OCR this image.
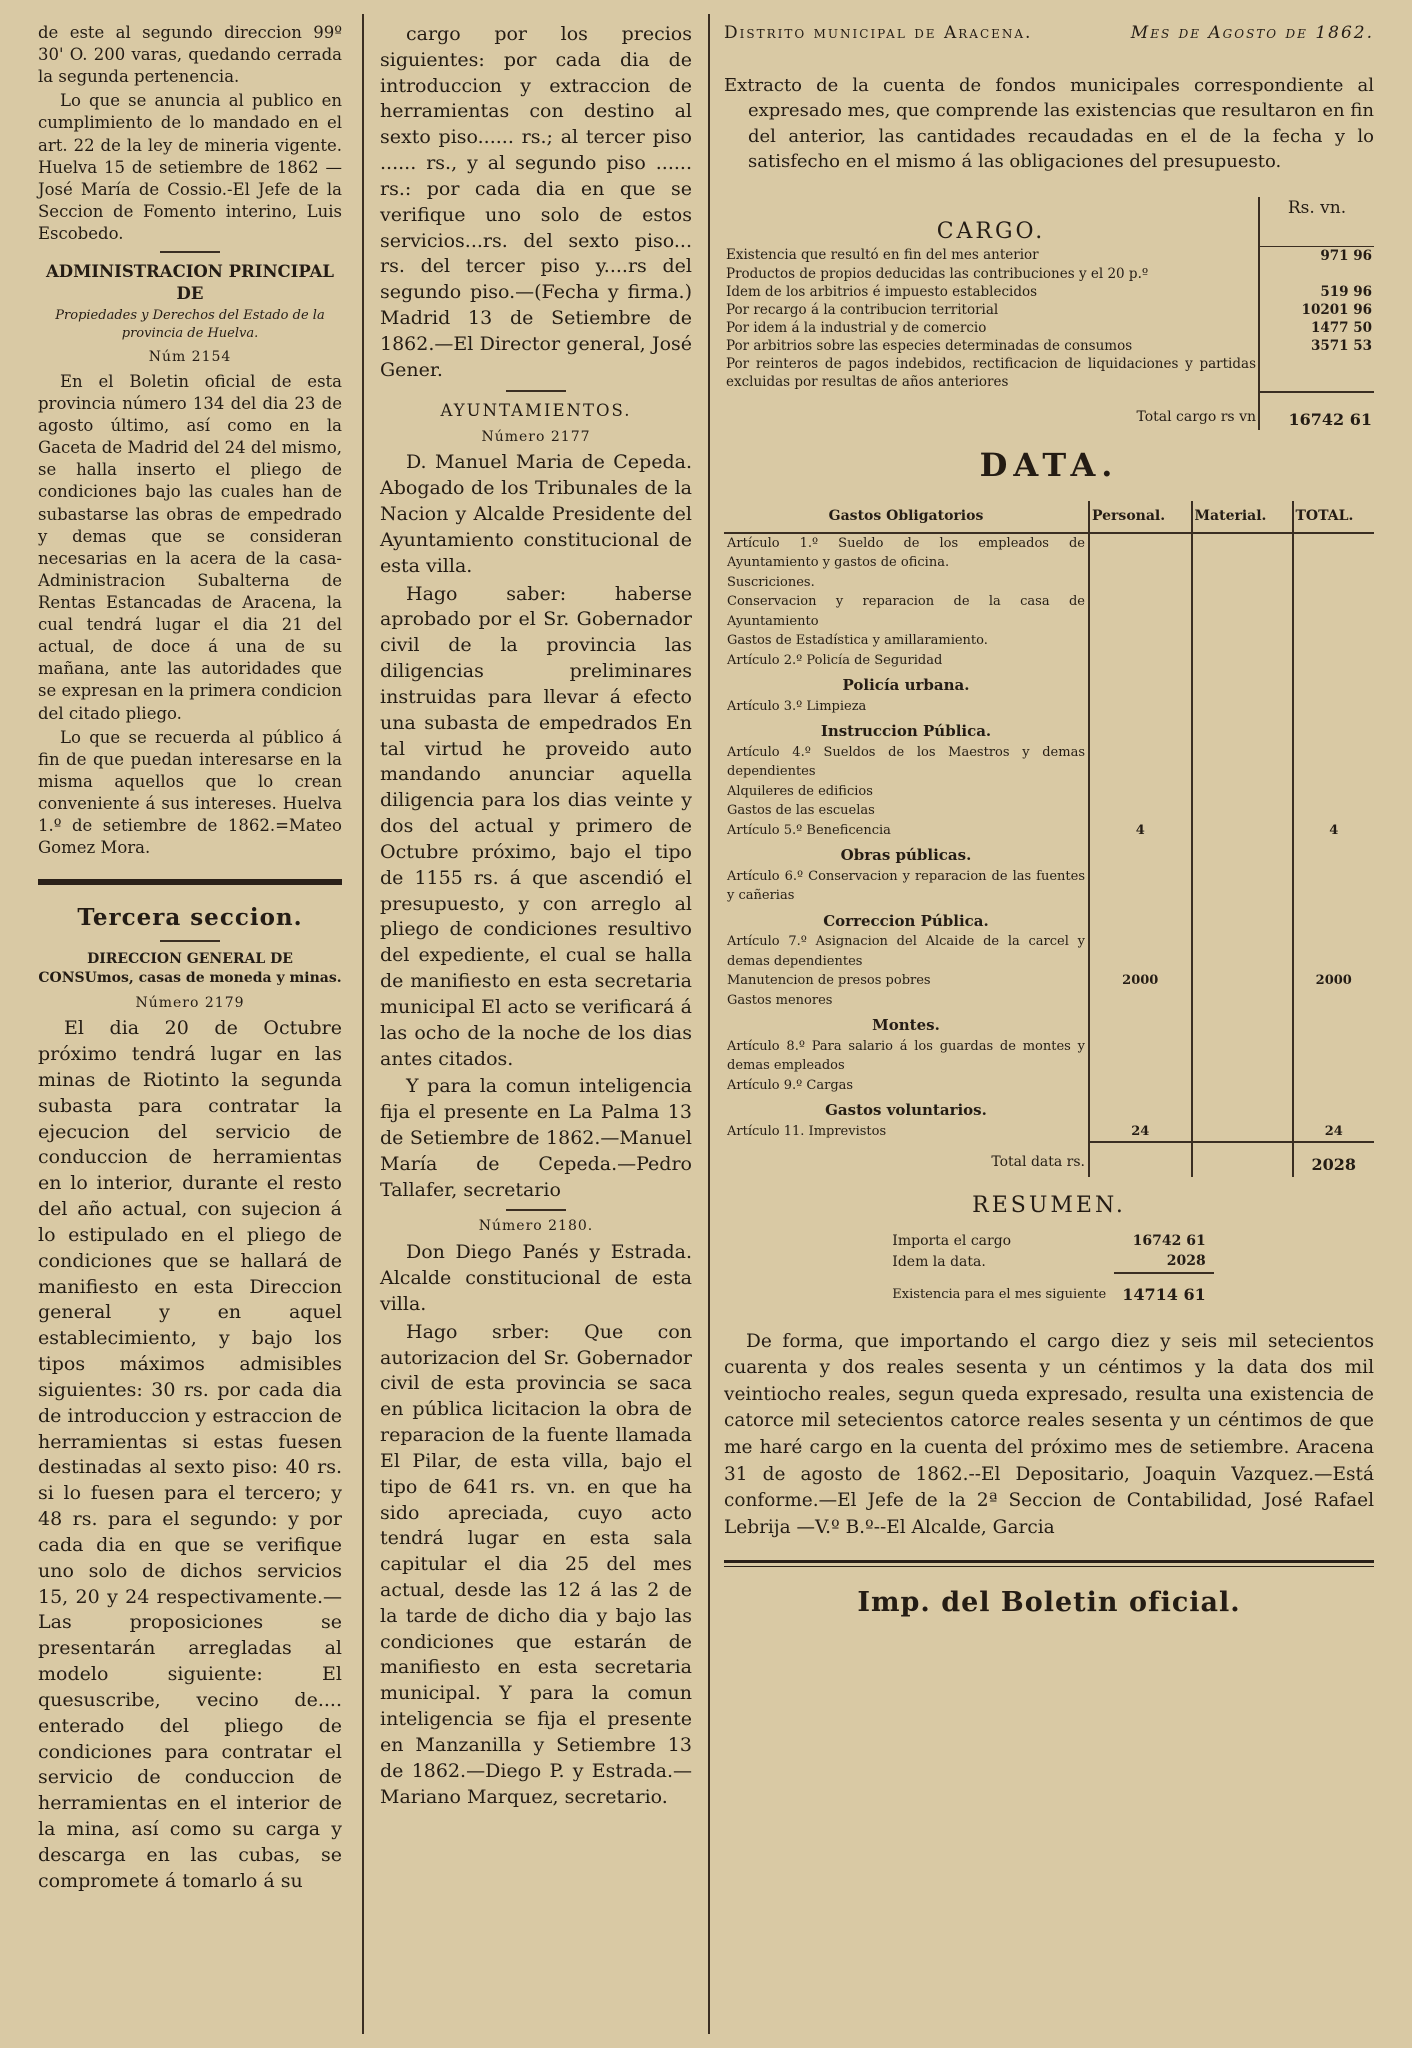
de este al segundo direccion 99º 30' O. 200 varas, quedando cerrada la segunda pertenencia.

Lo que se anuncia al publico en cumplimiento de lo mandado en el art. 22 de la ley de mineria vigente. Huelva 15 de setiembre de 1862 —José María de Cossio.-El Jefe de la Seccion de Fomento interino, Luis Escobedo.

ADMINISTRACION PRINCIPAL DE
Propiedades y Derechos del Estado de la provincia de Huelva.
Núm 2154

En el Boletin oficial de esta provincia número 134 del dia 23 de agosto último, así como en la Gaceta de Madrid del 24 del mismo, se halla inserto el pliego de condiciones bajo las cuales han de subastarse las obras de empedrado y demas que se consideran necesarias en la acera de la casa-Administracion Subalterna de Rentas Estancadas de Aracena, la cual tendrá lugar el dia 21 del actual, de doce á una de su mañana, ante las autoridades que se expresan en la primera condicion del citado pliego.

Lo que se recuerda al público á fin de que puedan interesarse en la misma aquellos que lo crean conveniente á sus intereses. Huelva 1.º de setiembre de 1862.=Mateo Gomez Mora.

Tercera seccion.
DIRECCION GENERAL DE CONSUmos, casas de moneda y minas.
Número 2179

El dia 20 de Octubre próximo tendrá lugar en las minas de Riotinto la segunda subasta para contratar la ejecucion del servicio de conduccion de herramientas en lo interior, durante el resto del año actual, con sujecion á lo estipulado en el pliego de condiciones que se hallará de manifiesto en esta Direccion general y en aquel establecimiento, y bajo los tipos máximos admisibles siguientes: 30 rs. por cada dia de introduccion y estraccion de herramientas si estas fuesen destinadas al sexto piso: 40 rs. si lo fuesen para el tercero; y 48 rs. para el segundo: y por cada dia en que se verifique uno solo de dichos servicios 15, 20 y 24 respectivamente.—Las proposiciones se presentarán arregladas al modelo siguiente: El quesuscribe, vecino de.... enterado del pliego de condiciones para contratar el servicio de conduccion de herramientas en el interior de la mina, así como su carga y descarga en las cubas, se compromete á tomarlo á su

cargo por los precios siguientes: por cada dia de introduccion y extraccion de herramientas con destino al sexto piso...... rs.; al tercer piso ...... rs., y al segundo piso ...... rs.: por cada dia en que se verifique uno solo de estos servicios...rs. del sexto piso... rs. del tercer piso y....rs del segundo piso.—(Fecha y firma.) Madrid 13 de Setiembre de 1862.—El Director general, José Gener.

AYUNTAMIENTOS.
Número 2177

D. Manuel Maria de Cepeda. Abogado de los Tribunales de la Nacion y Alcalde Presidente del Ayuntamiento constitucional de esta villa.

Hago saber: haberse aprobado por el Sr. Gobernador civil de la provincia las diligencias preliminares instruidas para llevar á efecto una subasta de empedrados En tal virtud he proveido auto mandando anunciar aquella diligencia para los dias veinte y dos del actual y primero de Octubre próximo, bajo el tipo de 1155 rs. á que ascendió el presupuesto, y con arreglo al pliego de condiciones resultivo del expediente, el cual se halla de manifiesto en esta secretaria municipal El acto se verificará á las ocho de la noche de los dias antes citados.

Y para la comun inteligencia fija el presente en La Palma 13 de Setiembre de 1862.—Manuel María de Cepeda.—Pedro Tallafer, secretario

Número 2180.

Don Diego Panés y Estrada. Alcalde constitucional de esta villa.

Hago srber: Que con autorizacion del Sr. Gobernador civil de esta provincia se saca en pública licitacion la obra de reparacion de la fuente llamada El Pilar, de esta villa, bajo el tipo de 641 rs. vn. en que ha sido apreciada, cuyo acto tendrá lugar en esta sala capitular el dia 25 del mes actual, desde las 12 á las 2 de la tarde de dicho dia y bajo las condiciones que estarán de manifiesto en esta secretaria municipal. Y para la comun inteligencia se fija el presente en Manzanilla y Setiembre 13 de 1862.—Diego P. y Estrada.—Mariano Marquez, secretario.

Distrito municipal de Aracena.	Mes de Agosto de 1862.

Extracto de la cuenta de fondos municipales correspondiente al expresado mes, que comprende las existencias que resultaron en fin del anterior, las cantidades recaudadas en el de la fecha y lo satisfecho en el mismo á las obligaciones del presupuesto.

CARGO.	Rs. vn.
Existencia que resultó en fin del mes anterior	971 96
Productos de propios deducidas las contribuciones y el 20 p.º	
Idem de los arbitrios é impuesto establecidos	519 96
Por recargo á la contribucion territorial	10201 96
Por idem á la industrial y de comercio	1477 50
Por arbitrios sobre las especies determinadas de consumos	3571 53
Por reinteros de pagos indebidos, rectificacion de liquidaciones y partidas excluidas por resultas de años anteriores	
Total cargo rs vn	16742 61
DATA.
Gastos Obligatorios	Personal.	Material.	TOTAL.
Artículo 1.º Sueldo de los empleados de Ayuntamiento y gastos de oficina.			
Suscriciones.			
Conservacion y reparacion de la casa de Ayuntamiento			
Gastos de Estadística y amillaramiento.			
Artículo 2.º Policía de Seguridad			
Policía urbana.			
Artículo 3.º Limpieza			
Instruccion Pública.			
Artículo 4.º Sueldos de los Maestros y demas dependientes			
Alquileres de edificios			
Gastos de las escuelas			
Artículo 5.º Beneficencia	4		4
Obras públicas.			
Artículo 6.º Conservacion y reparacion de las fuentes y cañerias			
Correccion Pública.			
Artículo 7.º Asignacion del Alcaide de la carcel y demas dependientes			
Manutencion de presos pobres	2000		2000
Gastos menores			
Montes.			
Artículo 8.º Para salario á los guardas de montes y demas empleados			
Artículo 9.º Cargas			
Gastos voluntarios.			
Artículo 11. Imprevistos	24		24
Total data rs.			2028
RESUMEN.
Importa el cargo	16742 61
Idem la data.	2028
Existencia para el mes siguiente	14714 61

De forma, que importando el cargo diez y seis mil setecientos cuarenta y dos reales sesenta y un céntimos y la data dos mil veintiocho reales, segun queda expresado, resulta una existencia de catorce mil setecientos catorce reales sesenta y un céntimos de que me haré cargo en la cuenta del próximo mes de setiembre. Aracena 31 de agosto de 1862.--El Depositario, Joaquin Vazquez.—Está conforme.—El Jefe de la 2ª Seccion de Contabilidad, José Rafael Lebrija —V.º B.º--El Alcalde, Garcia

Imp. del Boletin oficial.
